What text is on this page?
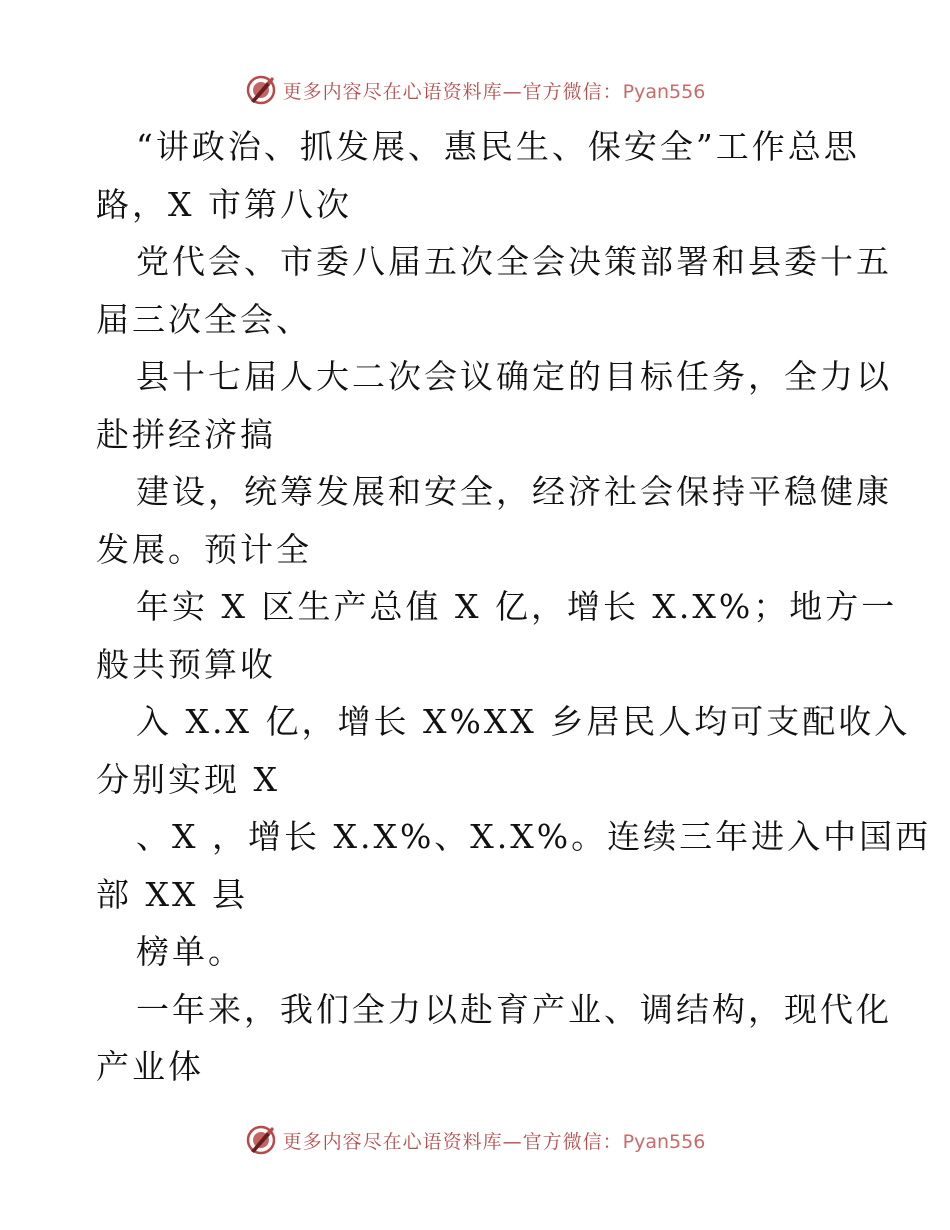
更多内容尽在心语资料库—官方微信：Pyan556
“讲政治、抓发展、惠民生、保安全”工作总思
路，X 市第八次
党代会、市委八届五次全会决策部署和县委十五
届三次全会、
县十七届人大二次会议确定的目标任务，全力以
赴拼经济搞
建设，统筹发展和安全，经济社会保持平稳健康
发展。预计全
年实 X 区生产总值 X 亿，增长 X.X%；地方一
般共预算收
入 X.X 亿，增长 X%XX 乡居民人均可支配收入
分别实现 X
、X ，增长 X.X%、X.X%。连续三年进入中国西
部 XX 县
榜单。
一年来，我们全力以赴育产业、调结构，现代化
产业体
更多内容尽在心语资料库—官方微信：Pyan556
